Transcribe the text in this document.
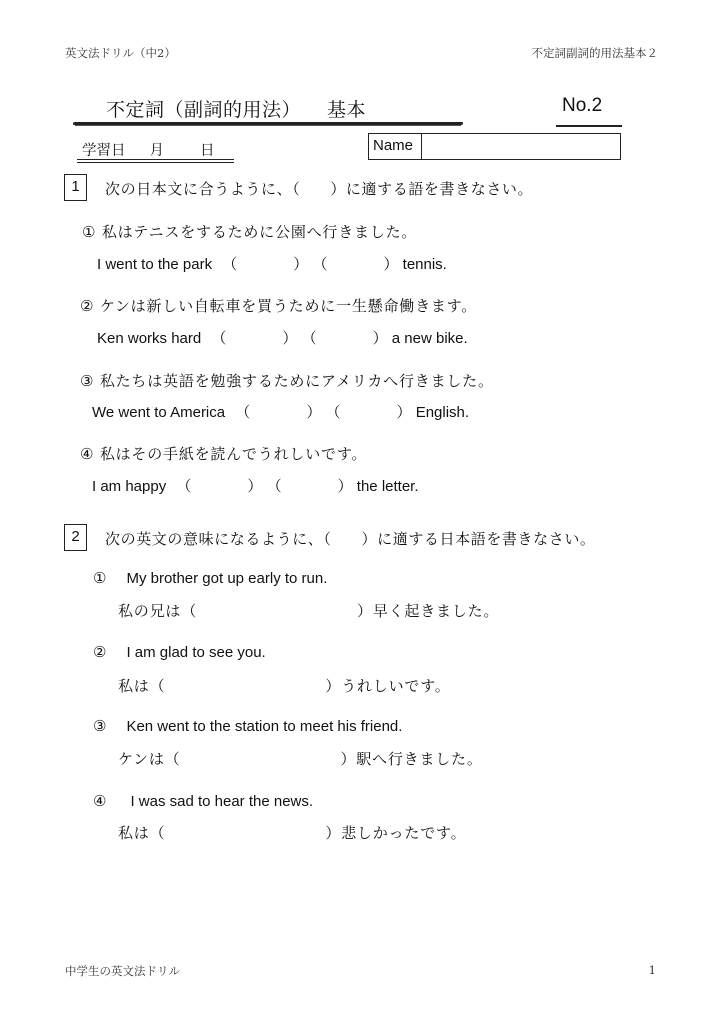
英文法ドリル（中2）	不定詞副詞的用法基本２
不定詞（副詞的用法） 基本	No.2
学習日 月 日	Name
1	次の日本文に合うように、（ ）に適する語を書きなさい。
① 私はテニスをするために公園へ行きました。
I went to the park （	） （	） tennis.
② ケンは新しい自転車を買うために一生懸命働きます。
Ken works hard （	） （	） a new bike.
③ 私たちは英語を勉強するためにアメリカへ行きました。
We went to America （	） （	） English.
④ 私はその手紙を読んでうれしいです。
I am happy （	） （	） the letter.
2	次の英文の意味になるように、（ ）に適する日本語を書きなさい。
① My brother got up early to run.
私の兄は（	）早く起きました。
② I am glad to see you.
私は（	）うれしいです。
③ Ken went to the station to meet his friend.
ケンは（	）駅へ行きました。
④ I was sad to hear the news.
私は（	）悲しかったです。
中学生の英文法ドリル	1
